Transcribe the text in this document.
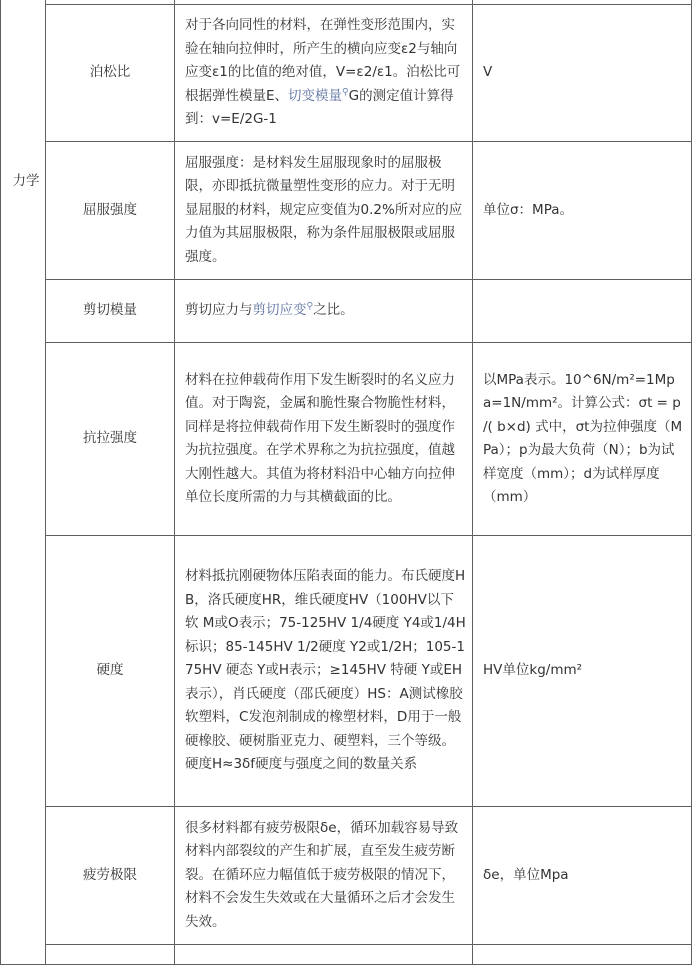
力学			
	泊松比	对于各向同性的材料，在弹性变形范围内，实验在轴向拉伸时，所产生的横向应变ε2与轴向应变ε1的比值的绝对值，V=ε2/ε1。泊松比可根据弹性模量E、切变模量⚲G的测定值计算得到：v=E/2G-1	V
	屈服强度	屈服强度：是材料发生屈服现象时的屈服极限，亦即抵抗微量塑性变形的应力。对于无明显屈服的材料，规定应变值为0.2%所对应的应力值为其屈服极限，称为条件屈服极限或屈服强度。	单位σ：MPa。
	剪切模量	剪切应力与剪切应变⚲之比。	
	抗拉强度	材料在拉伸载荷作用下发生断裂时的名义应力值。对于陶瓷，金属和脆性聚合物脆性材料，同样是将拉伸载荷作用下发生断裂时的强度作为抗拉强度。在学术界称之为抗拉强度，值越大刚性越大。其值为将材料沿中心轴方向拉伸单位长度所需的力与其横截面的比。	以MPa表示。10^6N/m²=1Mpa=1N/mm²。计算公式：σt = p /( b×d) 式中，σt为拉伸强度（MPa）；p为最大负荷（N）；b为试样宽度（mm）；d为试样厚度（mm）
	硬度	材料抵抗刚硬物体压陷表面的能力。布氏硬度HB，洛氏硬度HR，维氏硬度HV（100HV以下软 M或O表示；75-125HV 1/4硬度 Y4或1/4H标识；85-145HV 1/2硬度 Y2或1/2H；105-175HV 硬态 Y或H表示；≥145HV 特硬 Y或EH表示），肖氏硬度（邵氏硬度）HS：A测试橡胶软塑料，C发泡剂制成的橡塑材料，D用于一般硬橡胶、硬树脂亚克力、硬塑料，三个等级。 硬度H≈3δf硬度与强度之间的数量关系	HV单位kg/mm²
	疲劳极限	很多材料都有疲劳极限δe，循环加载容易导致材料内部裂纹的产生和扩展，直至发生疲劳断裂。在循环应力幅值低于疲劳极限的情况下，材料不会发生失效或在大量循环之后才会发生失效。	δe，单位Mpa
